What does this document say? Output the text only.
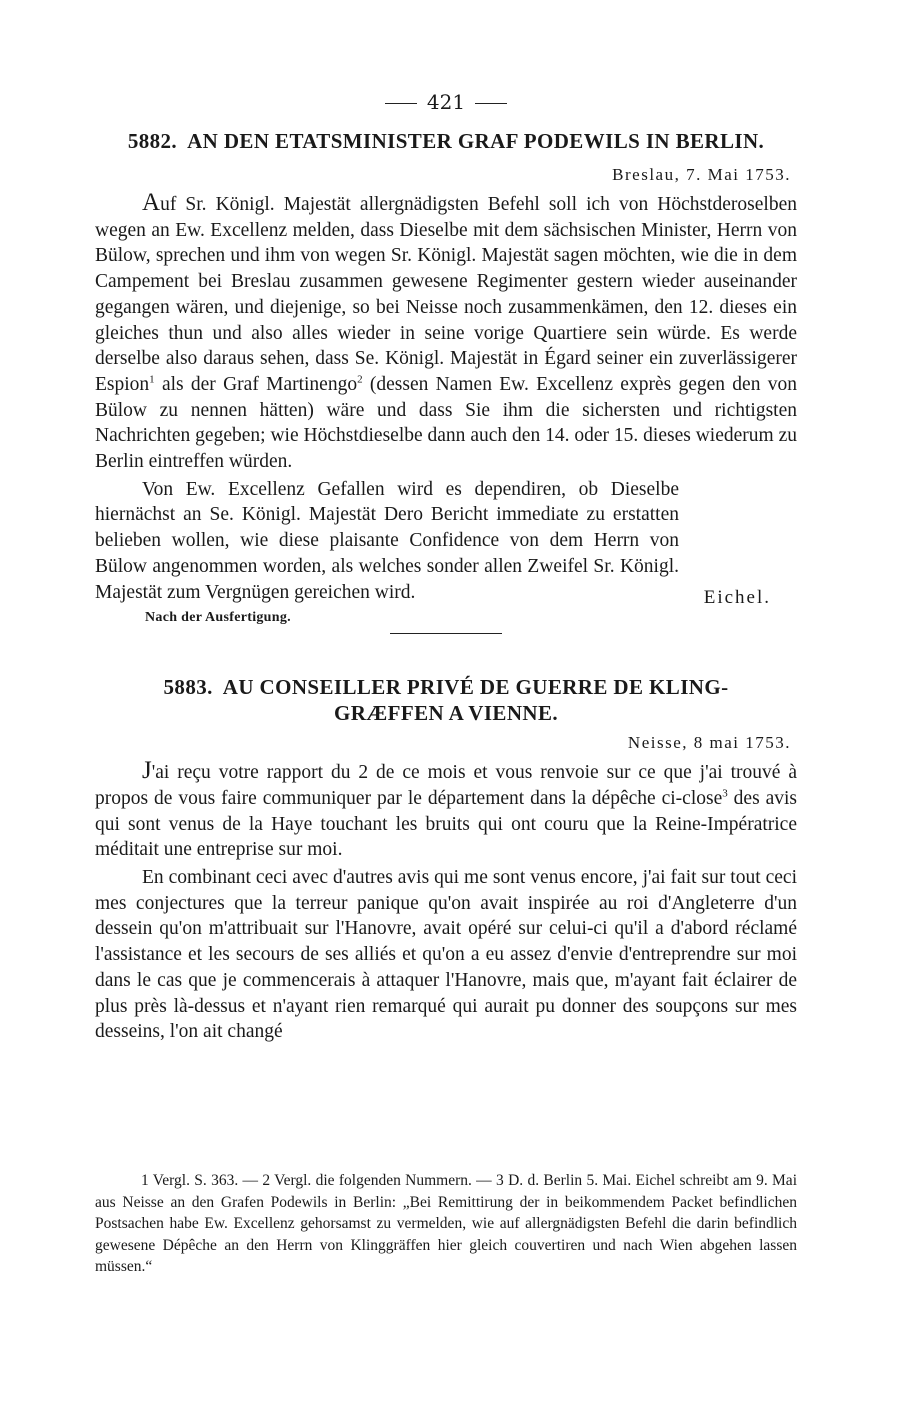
421
5882. AN DEN ETATSMINISTER GRAF PODEWILS IN BERLIN.
Breslau, 7. Mai 1753.

Auf Sr. Königl. Majestät allergnädigsten Befehl soll ich von Höchstderoselben wegen an Ew. Excellenz melden, dass Dieselbe mit dem sächsischen Minister, Herrn von Bülow, sprechen und ihm von wegen Sr. Königl. Majestät sagen möchten, wie die in dem Campement bei Breslau zusammen gewesene Regimenter gestern wieder auseinander gegangen wären, und diejenige, so bei Neisse noch zusammenkämen, den 12. dieses ein gleiches thun und also alles wieder in seine vorige Quartiere sein würde. Es werde derselbe also daraus sehen, dass Se. Königl. Majestät in Égard seiner ein zuverlässigerer Espion$^1$ als der Graf Martinengo$^2$ (dessen Namen Ew. Excellenz exprès gegen den von Bülow zu nennen hätten) wäre und dass Sie ihm die sichersten und richtigsten Nachrichten gegeben; wie Höchstdieselbe dann auch den 14. oder 15. dieses wiederum zu Berlin eintreffen würden.

Von Ew. Excellenz Gefallen wird es dependiren, ob Dieselbe hiernächst an Se. Königl. Majestät Dero Bericht immediate zu erstatten belieben wollen, wie diese plaisante Confidence von dem Herrn von Bülow angenommen worden, als welches sonder allen Zweifel Sr. Königl. Majestät zum Vergnügen gereichen wird.	Eichel.
Nach der Ausfertigung.
5883. AU CONSEILLER PRIVÉ DE GUERRE DE KLING-
GRÆFFEN A VIENNE.
Neisse, 8 mai 1753.

J'ai reçu votre rapport du 2 de ce mois et vous renvoie sur ce que j'ai trouvé à propos de vous faire communiquer par le département dans la dépêche ci-close$^3$ des avis qui sont venus de la Haye touchant les bruits qui ont couru que la Reine-Impératrice méditait une entreprise sur moi.

En combinant ceci avec d'autres avis qui me sont venus encore, j'ai fait sur tout ceci mes conjectures que la terreur panique qu'on avait inspirée au roi d'Angleterre d'un dessein qu'on m'attribuait sur l'Hanovre, avait opéré sur celui-ci qu'il a d'abord réclamé l'assistance et les secours de ses alliés et qu'on a eu assez d'envie d'entreprendre sur moi dans le cas que je commencerais à attaquer l'Hanovre, mais que, m'ayant fait éclairer de plus près là-dessus et n'ayant rien remarqué qui aurait pu donner des soupçons sur mes desseins, l'on ait changé

1 Vergl. S. 363. — 2 Vergl. die folgenden Nummern. — 3 D. d. Berlin 5. Mai. Eichel schreibt am 9. Mai aus Neisse an den Grafen Podewils in Berlin: „Bei Remittirung der in beikommendem Packet befindlichen Postsachen habe Ew. Excellenz gehorsamst zu vermelden, wie auf allergnädigsten Befehl die darin befindlich gewesene Dépêche an den Herrn von Klinggräffen hier gleich couvertiren und nach Wien abgehen lassen müssen.“
